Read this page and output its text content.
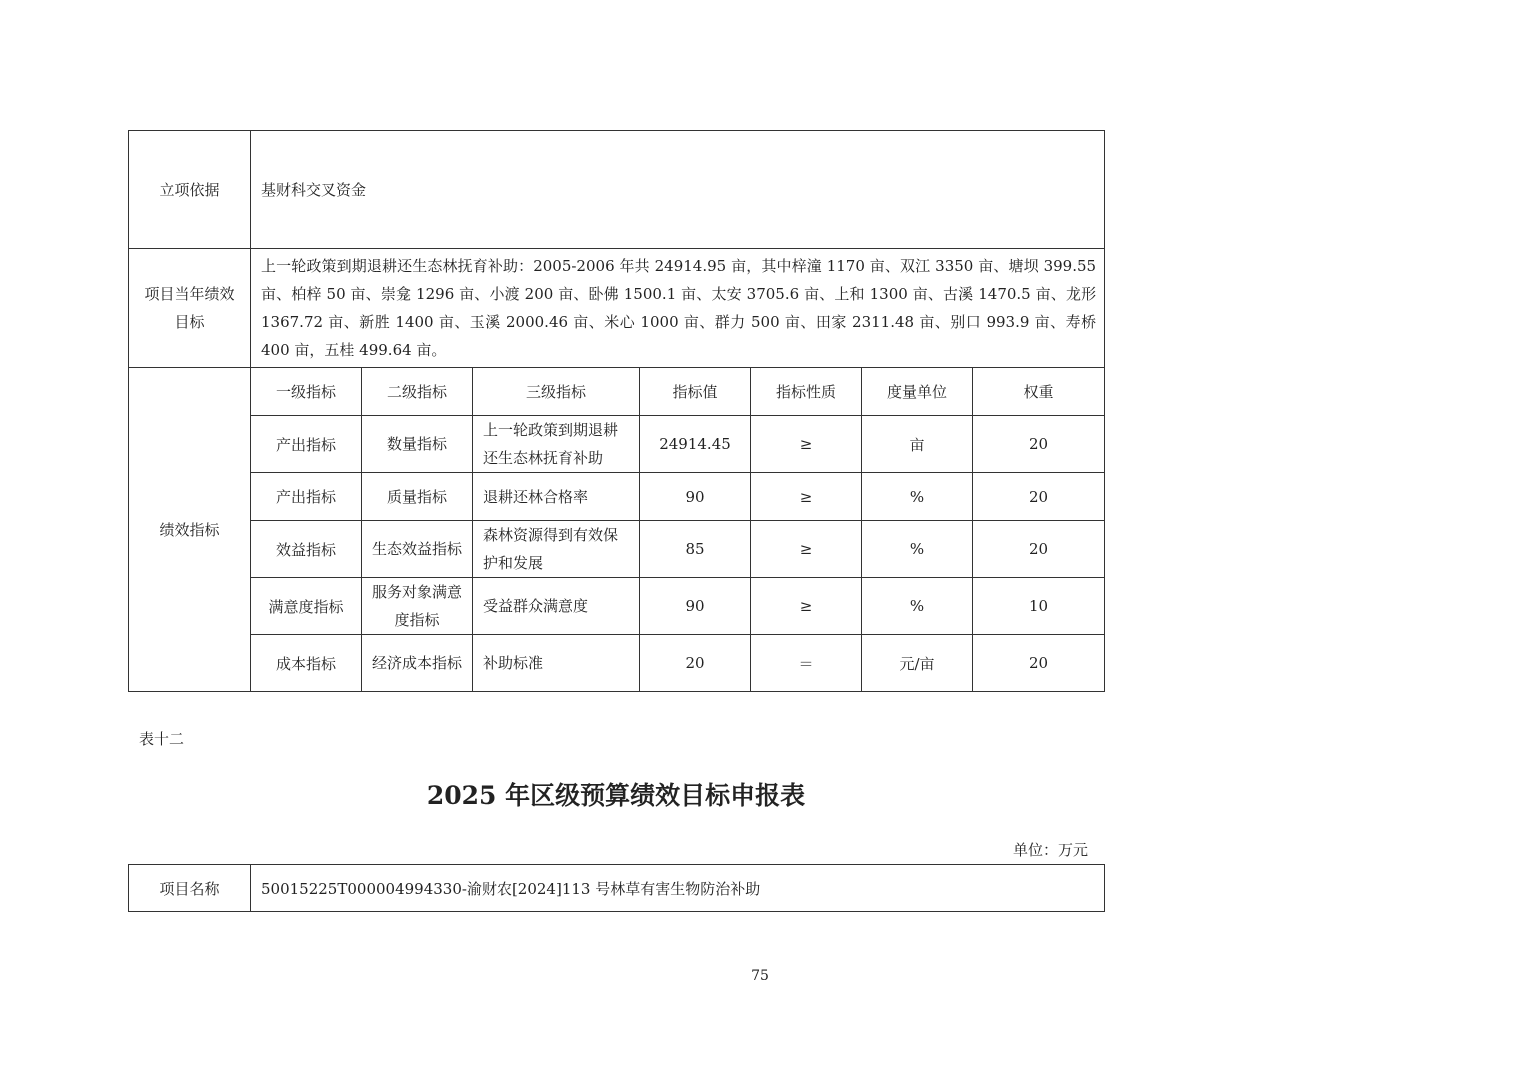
立项依据	基财科交叉资金						
项目当年绩效目标	上一轮政策到期退耕还生态林抚育补助：2005-2006 年共 24914.95 亩，其中梓潼 1170 亩、双江 3350 亩、塘坝 399.55 亩、柏梓 50 亩、崇龛 1296 亩、小渡 200 亩、卧佛 1500.1 亩、太安 3705.6 亩、上和 1300 亩、古溪 1470.5 亩、龙形 1367.72 亩、新胜 1400 亩、玉溪 2000.46 亩、米心 1000 亩、群力 500 亩、田家 2311.48 亩、别口 993.9 亩、寿桥 400 亩，五桂 499.64 亩。						
绩效指标	一级指标	二级指标	三级指标	指标值	指标性质	度量单位	权重
	产出指标	数量指标	上一轮政策到期退耕还生态林抚育补助	24914.45	≥	亩	20
	产出指标	质量指标	退耕还林合格率	90	≥	%	20
	效益指标	生态效益指标	森林资源得到有效保护和发展	85	≥	%	20
	满意度指标	服务对象满意度指标	受益群众满意度	90	≥	%	10
	成本指标	经济成本指标	补助标准	20	＝	元/亩	20
表十二
2025 年区级预算绩效目标申报表
单位：万元
项目名称	50015225T000004994330-渝财农[2024]113 号林草有害生物防治补助
75
